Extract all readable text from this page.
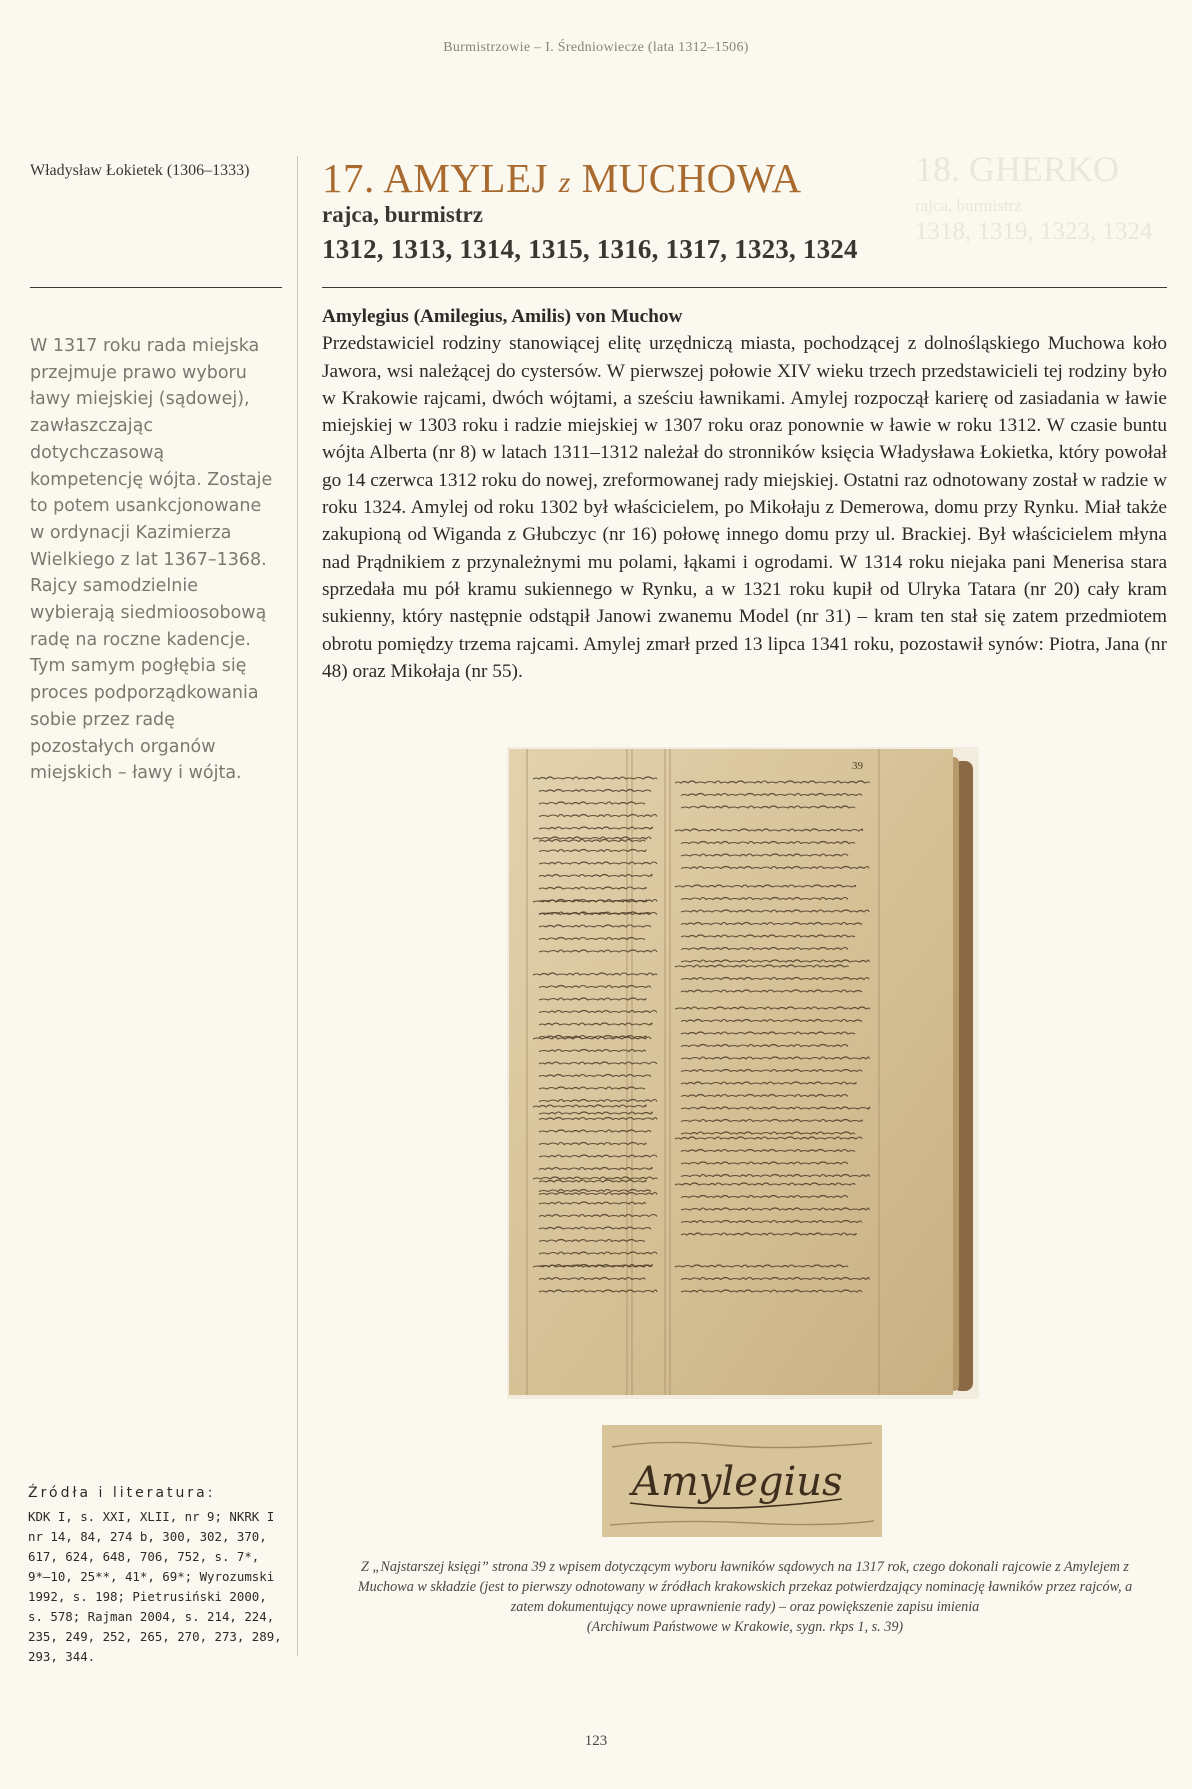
Burmistrzowie – I. Średniowiecze (lata 1312–1506)
18. GHERKO
rajca, burmistrz
1318, 1319, 1323, 1324
Władysław Łokietek (1306–1333) 17. AMYLEJ z MUCHOWA
rajca, burmistrz
1312, 1313, 1314, 1315, 1316, 1317, 1323, 1324

W 1317 roku rada miejska przejmuje prawo wyboru ławy miejskiej (sądowej), zawłaszczając dotychczasową kompetencję wójta. Zostaje to potem usankcjonowane w ordynacji Kazimierza Wielkiego z lat 1367–1368. Rajcy samodzielnie wybierają siedmioosobową radę na roczne kadencje. Tym samym pogłębia się proces podporządkowania sobie przez radę pozostałych organów miejskich – ławy i wójta.

Amylegius (Amilegius, Amilis) von Muchow

Przedstawiciel rodziny stanowiącej elitę urzędniczą miasta, pochodzącej z dolnośląskiego Muchowa koło Jawora, wsi należącej do cystersów. W pierwszej połowie XIV wieku trzech przedstawicieli tej rodziny było w Krakowie rajcami, dwóch wójtami, a sześciu ławnikami. Amylej rozpoczął karierę od zasiadania w ławie miejskiej w 1303 roku i radzie miejskiej w 1307 roku oraz ponownie w ławie w roku 1312. W czasie buntu wójta Alberta (nr 8) w latach 1311–1312 należał do stronników księcia Władysława Łokietka, który powołał go 14 czerwca 1312 roku do nowej, zreformowanej rady miejskiej. Ostatni raz odnotowany został w radzie w roku 1324. Amylej od roku 1302 był właścicielem, po Mikołaju z Demerowa, domu przy Rynku. Miał także zakupioną od Wiganda z Głubczyc (nr 16) połowę innego domu przy ul. Brackiej. Był właścicielem młyna nad Prądnikiem z przynależnymi mu polami, łąkami i ogrodami. W 1314 roku niejaka pani Menerisa stara sprzedała mu pół kramu sukiennego w Rynku, a w 1321 roku kupił od Ulryka Tatara (nr 20) cały kram sukienny, który następnie odstąpił Janowi zwanemu Model (nr 31) – kram ten stał się zatem przedmiotem obrotu pomiędzy trzema rajcami. Amylej zmarł przed 13 lipca 1341 roku, pozostawił synów: Piotra, Jana (nr 48) oraz Mikołaja (nr 55).

39
Amylegius

Z „Najstarszej księgi” strona 39 z wpisem dotyczącym wyboru ławników sądowych na 1317 rok, czego dokonali rajcowie z Amylejem z Muchowa w składzie (jest to pierwszy odnotowany w źródłach krakowskich przekaz potwierdzający nominację ławników przez rajców, a zatem dokumentujący nowe uprawnienie rady) – oraz powiększenie zapisu imienia

(Archiwum Państwowe w Krakowie, sygn. rkps 1, s. 39)

Źródła i literatura:
KDK I, s. XXI, XLII, nr 9; NKRK I nr 14, 84, 274 b, 300, 302, 370, 617, 624, 648, 706, 752, s. 7*, 9*–10, 25**, 41*, 69*; Wyrozumski 1992, s. 198; Pietrusiński 2000, s. 578; Rajman 2004, s. 214, 224, 235, 249, 252, 265, 270, 273, 289, 293, 344.
123
